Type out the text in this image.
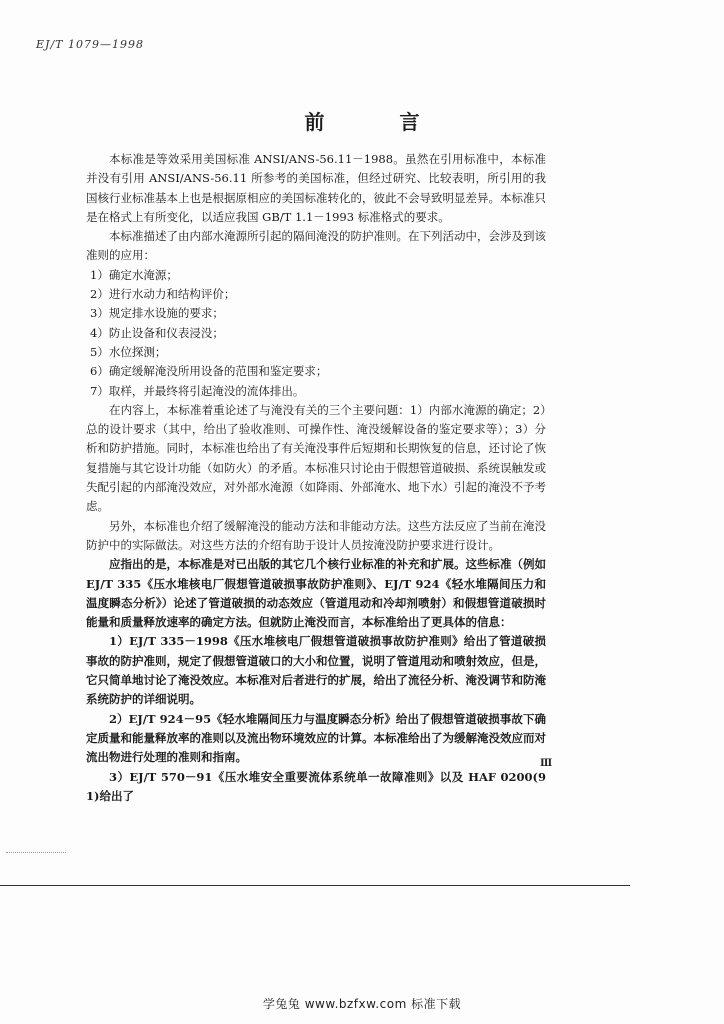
EJ/T 1079—1998
前 言

本标准是等效采用美国标准 ANSI/ANS-56.11－1988。虽然在引用标准中，本标准并没有引用 ANSI/ANS-56.11 所参考的美国标准，但经过研究、比较表明，所引用的我国核行业标准基本上也是根据原相应的美国标准转化的，彼此不会导致明显差异。本标准只是在格式上有所变化，以适应我国 GB/T 1.1－1993 标准格式的要求。

本标准描述了由内部水淹源所引起的隔间淹没的防护准则。在下列活动中，会涉及到该准则的应用：

1）确定水淹源；

2）进行水动力和结构评价；

3）规定排水设施的要求；

4）防止设备和仪表浸没；

5）水位探测；

6）确定缓解淹没所用设备的范围和鉴定要求；

7）取样，并最终将引起淹没的流体排出。

在内容上，本标准着重论述了与淹没有关的三个主要问题：1）内部水淹源的确定；2）总的设计要求（其中，给出了验收准则、可操作性、淹没缓解设备的鉴定要求等）；3）分析和防护措施。同时，本标准也给出了有关淹没事件后短期和长期恢复的信息，还讨论了恢复措施与其它设计功能（如防火）的矛盾。本标准只讨论由于假想管道破损、系统误触发或失配引起的内部淹没效应，对外部水淹源（如降雨、外部淹水、地下水）引起的淹没不予考虑。

另外，本标准也介绍了缓解淹没的能动方法和非能动方法。这些方法反应了当前在淹没防护中的实际做法。对这些方法的介绍有助于设计人员按淹没防护要求进行设计。

应指出的是，本标准是对已出版的其它几个核行业标准的补充和扩展。这些标准（例如 EJ/T 335《压水堆核电厂假想管道破损事故防护准则》、EJ/T 924《轻水堆隔间压力和温度瞬态分析》）论述了管道破损的动态效应（管道甩动和冷却剂喷射）和假想管道破损时能量和质量释放速率的确定方法。但就防止淹没而言，本标准给出了更具体的信息：

1）EJ/T 335－1998《压水堆核电厂假想管道破损事故防护准则》给出了管道破损事故的防护准则，规定了假想管道破口的大小和位置，说明了管道甩动和喷射效应，但是，它只简单地讨论了淹没效应。本标准对后者进行的扩展，给出了流径分析、淹没调节和防淹系统防护的详细说明。

2）EJ/T 924－95《轻水堆隔间压力与温度瞬态分析》给出了假想管道破损事故下确定质量和能量释放率的准则以及流出物环境效应的计算。本标准给出了为缓解淹没效应而对流出物进行处理的准则和指南。

3）EJ/T 570－91《压水堆安全重要流体系统单一故障准则》以及 HAF 0200(91)给出了

Ⅲ
学兔兔 www.bzfxw.com 标准下载
